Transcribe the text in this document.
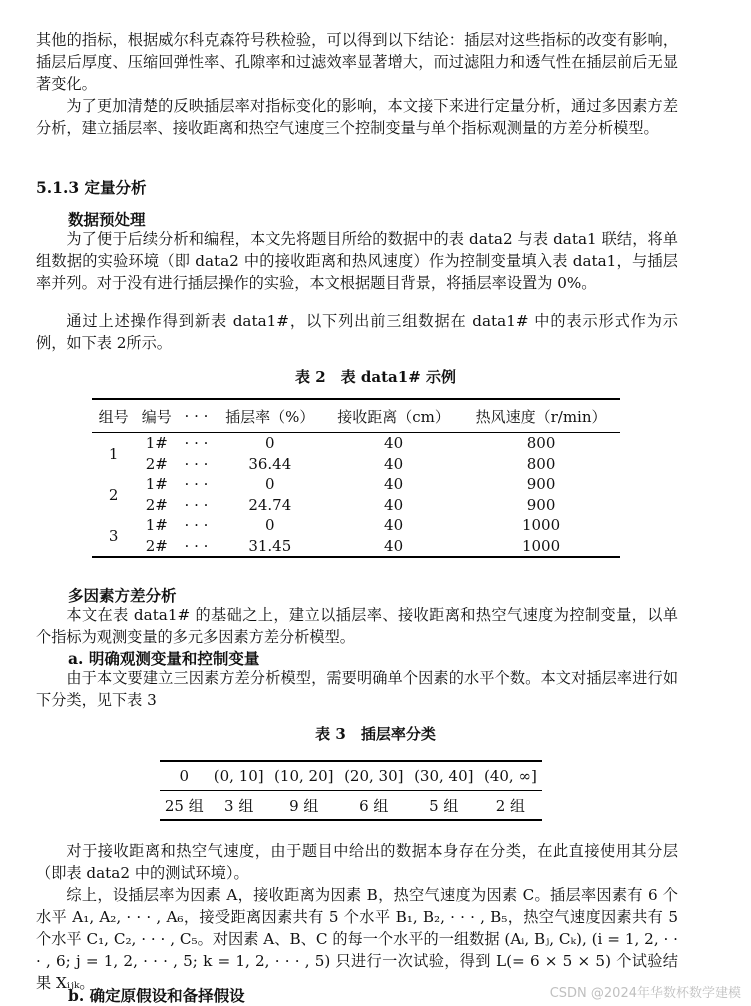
其他的指标，根据威尔科克森符号秩检验，可以得到以下结论：插层对这些指标的改变有影响，插层后厚度、压缩回弹性率、孔隙率和过滤效率显著增大，而过滤阻力和透气性在插层前后无显著变化。

为了更加清楚的反映插层率对指标变化的影响，本文接下来进行定量分析，通过多因素方差分析，建立插层率、接收距离和热空气速度三个控制变量与单个指标观测量的方差分析模型。

5.1.3 定量分析

数据预处理

为了便于后续分析和编程，本文先将题目所给的数据中的表 data2 与表 data1 联结，将单组数据的实验环境（即 data2 中的接收距离和热风速度）作为控制变量填入表 data1，与插层率并列。对于没有进行插层操作的实验，本文根据题目背景，将插层率设置为 0%。

通过上述操作得到新表 data1#，以下列出前三组数据在 data1# 中的表示形式作为示例，如下表 2所示。

表 2　表 data1# 示例

组号	编号	· · ·	插层率（%）	接收距离（cm）	热风速度（r/min）
1	1#	· · ·	0	40	800
	2#	· · ·	36.44	40	800
2	1#	· · ·	0	40	900
	2#	· · ·	24.74	40	900
3	1#	· · ·	0	40	1000
	2#	· · ·	31.45	40	1000

多因素方差分析

本文在表 data1# 的基础之上，建立以插层率、接收距离和热空气速度为控制变量，以单个指标为观测变量的多元多因素方差分析模型。

a. 明确观测变量和控制变量

由于本文要建立三因素方差分析模型，需要明确单个因素的水平个数。本文对插层率进行如下分类，见下表 3

表 3　插层率分类

0	(0, 10]	(10, 20]	(20, 30]	(30, 40]	(40, ∞]
25 组	3 组	9 组	6 组	5 组	2 组

对于接收距离和热空气速度，由于题目中给出的数据本身存在分类，在此直接使用其分层（即表 data2 中的测试环境）。

综上，设插层率为因素 A，接收距离为因素 B，热空气速度为因素 C。插层率因素有 6 个水平 A₁, A₂, · · · , A₆，接受距离因素共有 5 个水平 B₁, B₂, · · · , B₅，热空气速度因素共有 5 个水平 C₁, C₂, · · · , C₅。对因素 A、B、C 的每一个水平的一组数据 (Aᵢ, Bⱼ, Cₖ), (i = 1, 2, · · · , 6; j = 1, 2, · · · , 5; k = 1, 2, · · · , 5) 只进行一次试验，得到 L(= 6 × 5 × 5) 个试验结果 Xᵢⱼₖ。

b. 确定原假设和备择假设	CSDN @2024年华数杯数学建模
